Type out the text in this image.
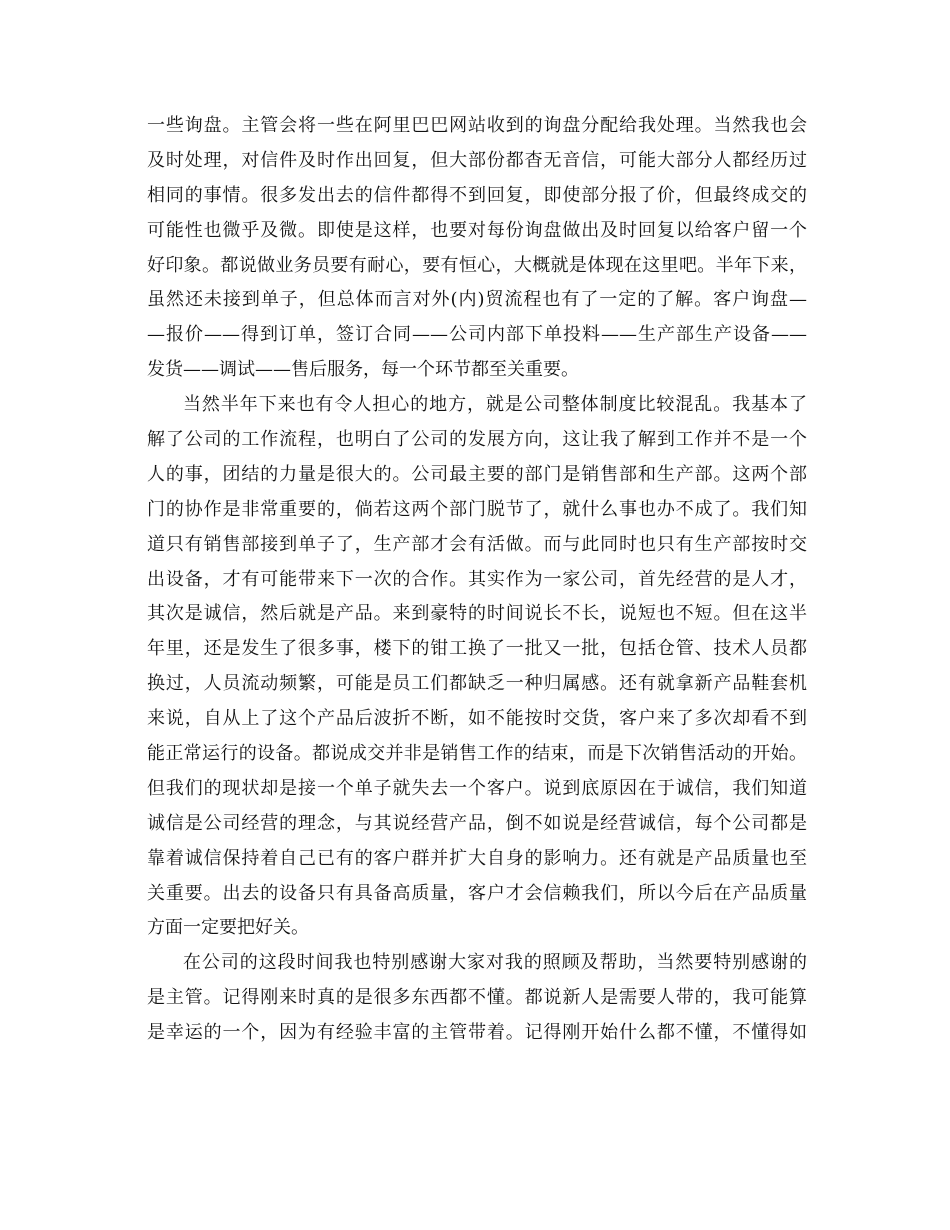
一些询盘。主管会将一些在阿里巴巴网站收到的询盘分配给我处理。当然我也会
及时处理，对信件及时作出回复，但大部份都杳无音信，可能大部分人都经历过
相同的事情。很多发出去的信件都得不到回复，即使部分报了价，但最终成交的
可能性也微乎及微。即使是这样，也要对每份询盘做出及时回复以给客户留一个
好印象。都说做业务员要有耐心，要有恒心，大概就是体现在这里吧。半年下来，
虽然还未接到单子，但总体而言对外(内)贸流程也有了一定的了解。客户询盘—
—报价——得到订单，签订合同——公司内部下单投料——生产部生产设备——
发货——调试——售后服务，每一个环节都至关重要。
当然半年下来也有令人担心的地方，就是公司整体制度比较混乱。我基本了
解了公司的工作流程，也明白了公司的发展方向，这让我了解到工作并不是一个
人的事，团结的力量是很大的。公司最主要的部门是销售部和生产部。这两个部
门的协作是非常重要的，倘若这两个部门脱节了，就什么事也办不成了。我们知
道只有销售部接到单子了，生产部才会有活做。而与此同时也只有生产部按时交
出设备，才有可能带来下一次的合作。其实作为一家公司，首先经营的是人才，
其次是诚信，然后就是产品。来到豪特的时间说长不长，说短也不短。但在这半
年里，还是发生了很多事，楼下的钳工换了一批又一批，包括仓管、技术人员都
换过，人员流动频繁，可能是员工们都缺乏一种归属感。还有就拿新产品鞋套机
来说，自从上了这个产品后波折不断，如不能按时交货，客户来了多次却看不到
能正常运行的设备。都说成交并非是销售工作的结束，而是下次销售活动的开始。
但我们的现状却是接一个单子就失去一个客户。说到底原因在于诚信，我们知道
诚信是公司经营的理念，与其说经营产品，倒不如说是经营诚信，每个公司都是
靠着诚信保持着自己已有的客户群并扩大自身的影响力。还有就是产品质量也至
关重要。出去的设备只有具备高质量，客户才会信赖我们，所以今后在产品质量
方面一定要把好关。
在公司的这段时间我也特别感谢大家对我的照顾及帮助，当然要特别感谢的
是主管。记得刚来时真的是很多东西都不懂。都说新人是需要人带的，我可能算
是幸运的一个，因为有经验丰富的主管带着。记得刚开始什么都不懂，不懂得如
